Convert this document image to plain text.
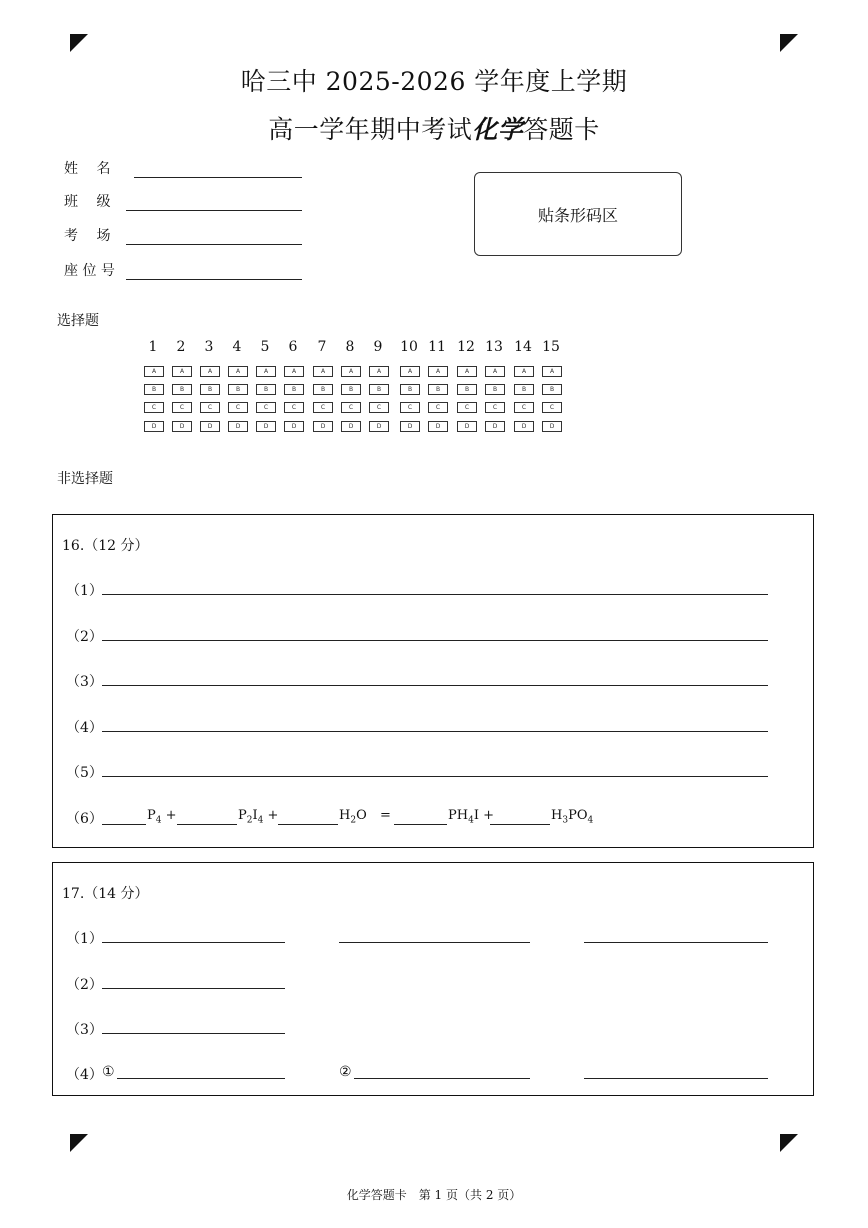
哈三中 2025-2026 学年度上学期
高一学年期中考试化学答题卡
姓　 名
班　 级
考　 场
座 位 号
贴条形码区
选择题
1
A
B
C
D
2
A
B
C
D
3
A
B
C
D
4
A
B
C
D
5
A
B
C
D
6
A
B
C
D
7
A
B
C
D
8
A
B
C
D
9
A
B
C
D
10
A
B
C
D
11
A
B
C
D
12
A
B
C
D
13
A
B
C
D
14
A
B
C
D
15
A
B
C
D
非选择题
16.（12 分）
（1）
（2）
（3）
（4）
（5）
（6）	$P_4$ +	$P_2I_4$ +	$H_2O$ =	$PH_4I$ +	$H_3PO_4$
17.（14 分）
（1）
（2）
（3）
（4） ①	②
化学答题卡　第 1 页（共 2 页）
